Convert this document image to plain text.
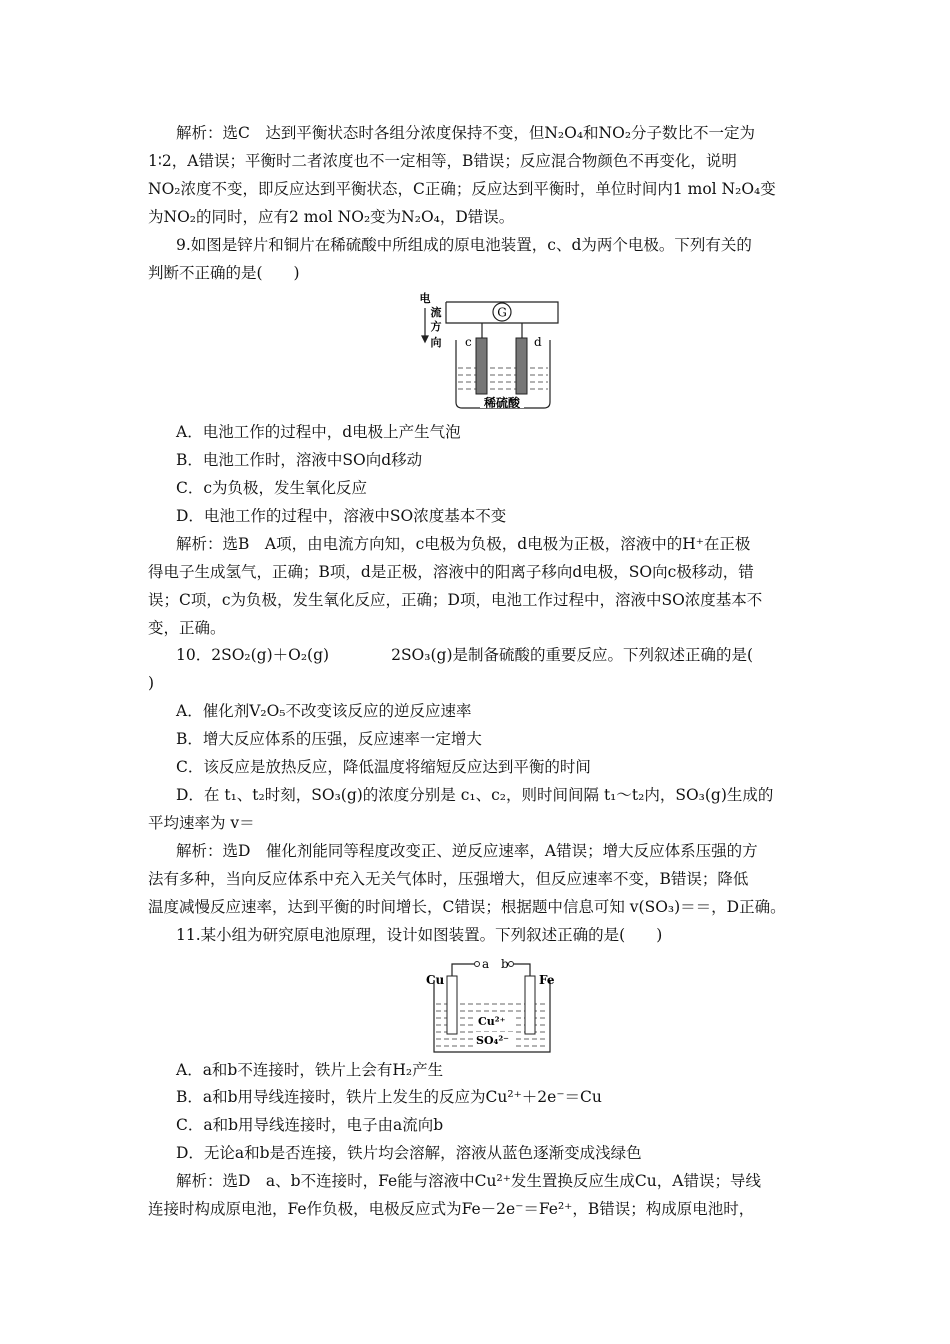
解析：选C　达到平衡状态时各组分浓度保持不变，但N₂O₄和NO₂分子数比不一定为
1∶2，A错误；平衡时二者浓度也不一定相等，B错误；反应混合物颜色不再变化，说明
NO₂浓度不变，即反应达到平衡状态，C正确；反应达到平衡时，单位时间内1 mol N₂O₄变
为NO₂的同时，应有2 mol NO₂变为N₂O₄，D错误。
9.如图是锌片和铜片在稀硫酸中所组成的原电池装置，c、d为两个电极。下列有关的
判断不正确的是(　　)
G
c	d
稀硫酸
电
流
方
向
A．电池工作的过程中，d电极上产生气泡
B．电池工作时，溶液中SO向d移动
C．c为负极，发生氧化反应
D．电池工作的过程中，溶液中SO浓度基本不变
解析：选B　A项，由电流方向知，c电极为负极，d电极为正极，溶液中的H⁺在正极
得电子生成氢气，正确；B项，d是正极，溶液中的阳离子移向d电极，SO向c极移动，错
误；C项，c为负极，发生氧化反应，正确；D项，电池工作过程中，溶液中SO浓度基本不
变，正确。
10．2SO₂(g)＋O₂(g)　　　　2SO₃(g)是制备硫酸的重要反应。下列叙述正确的是(
)
A．催化剂V₂O₅不改变该反应的逆反应速率
B．增大反应体系的压强，反应速率一定增大
C．该反应是放热反应，降低温度将缩短反应达到平衡的时间
D．在 t₁、t₂时刻，SO₃(g)的浓度分别是 c₁、c₂，则时间间隔 t₁～t₂内，SO₃(g)生成的
平均速率为 v＝
解析：选D　催化剂能同等程度改变正、逆反应速率，A错误；增大反应体系压强的方
法有多种，当向反应体系中充入无关气体时，压强增大，但反应速率不变，B错误；降低
温度减慢反应速率，达到平衡的时间增长，C错误；根据题中信息可知 v(SO₃)＝＝，D正确。
11.某小组为研究原电池原理，设计如图装置。下列叙述正确的是(　　)
a b
Cu	Fe
Cu²⁺
SO₄²⁻
A．a和b不连接时，铁片上会有H₂产生
B．a和b用导线连接时，铁片上发生的反应为Cu²⁺＋2e⁻＝Cu
C．a和b用导线连接时，电子由a流向b
D．无论a和b是否连接，铁片均会溶解，溶液从蓝色逐渐变成浅绿色
解析：选D　a、b不连接时，Fe能与溶液中Cu²⁺发生置换反应生成Cu，A错误；导线
连接时构成原电池，Fe作负极，电极反应式为Fe－2e⁻＝Fe²⁺，B错误；构成原电池时，
